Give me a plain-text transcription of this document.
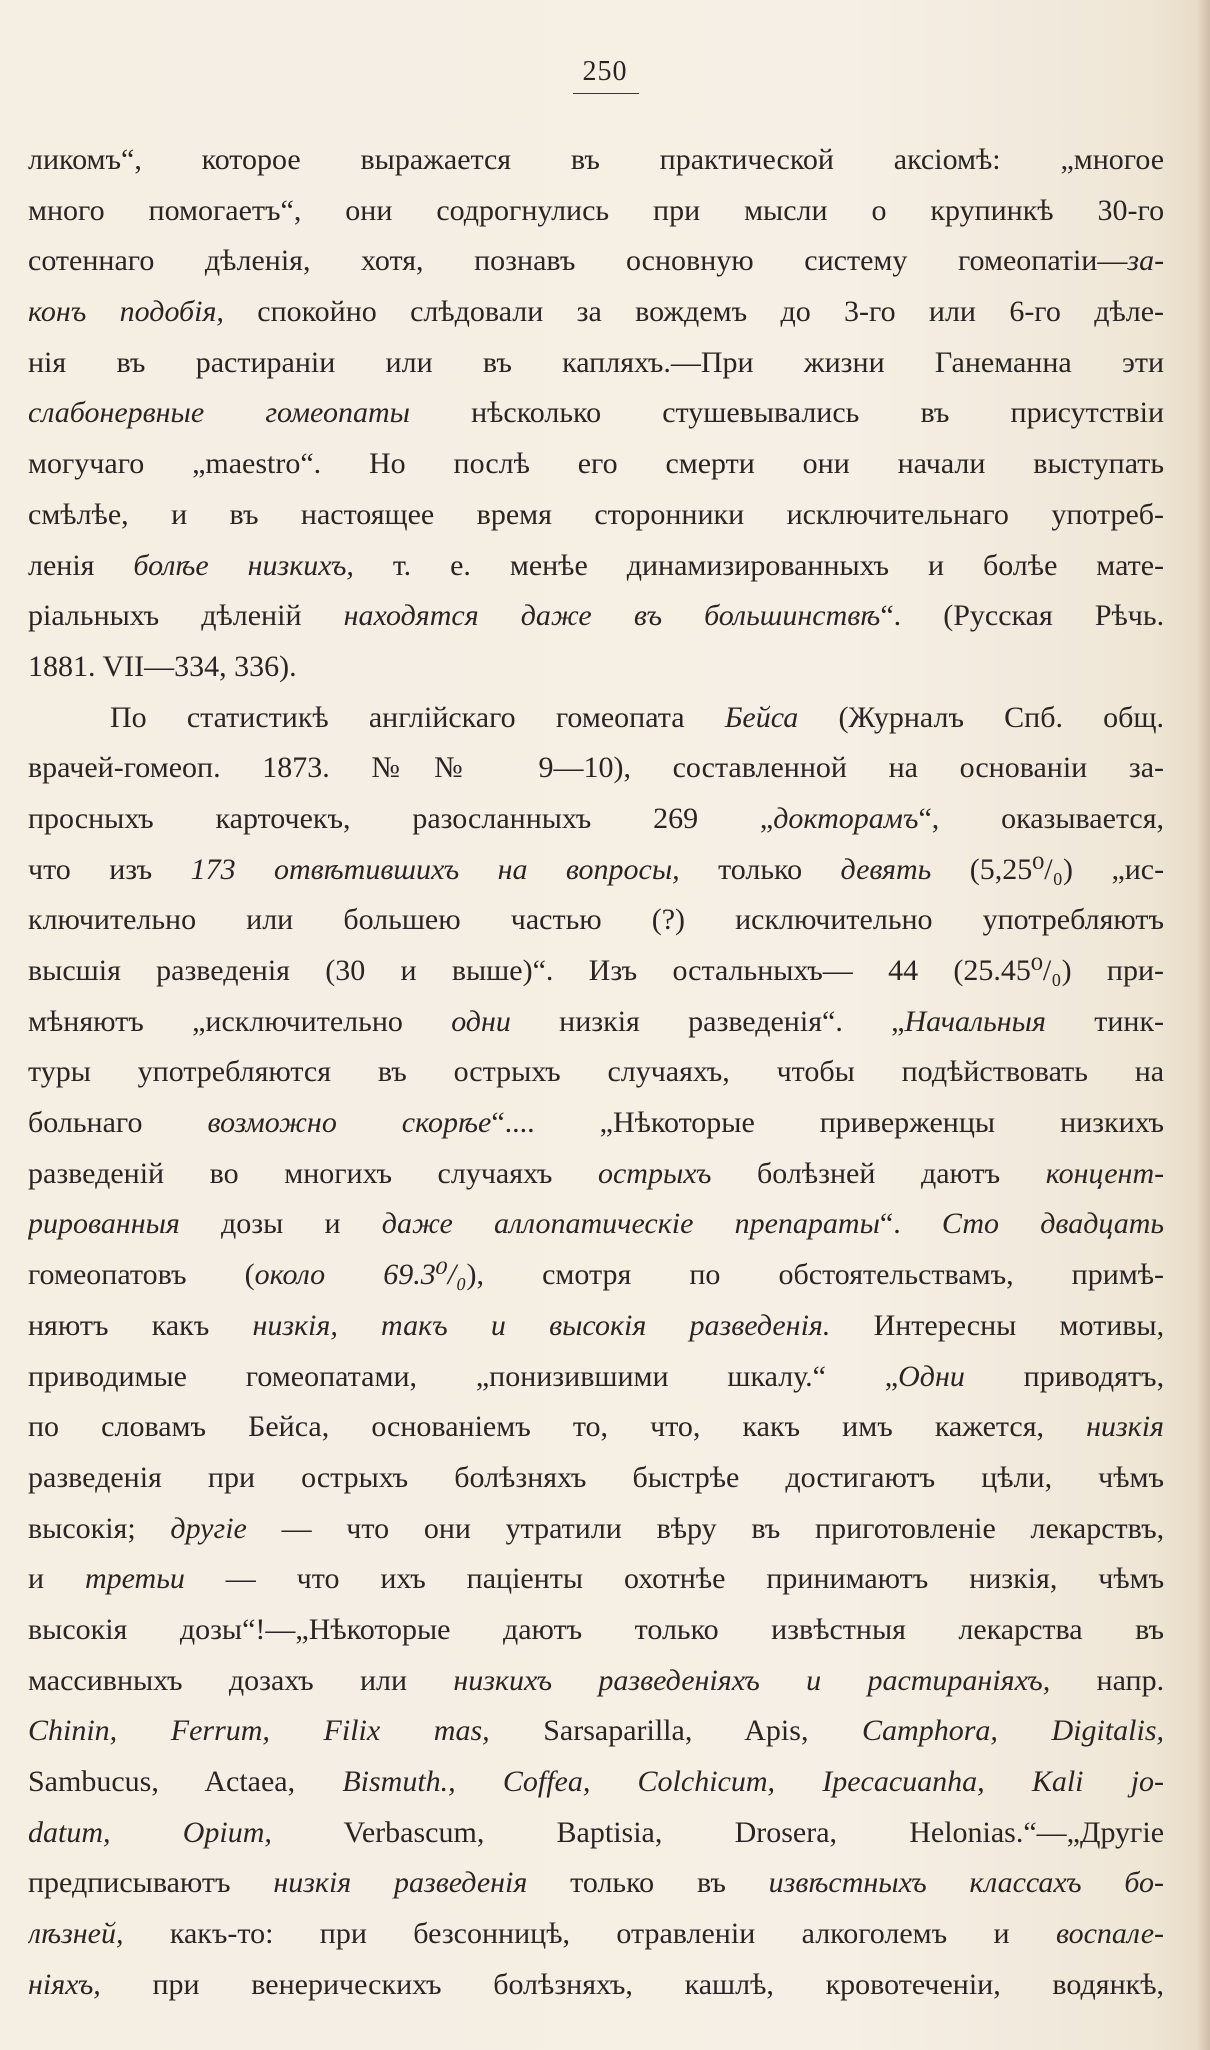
250
ликомъ“, которое выражается въ практической аксіомѣ: „многое
много помогаетъ“, они содрогнулись при мысли о крупинкѣ 30-го
сотеннаго дѣленія, хотя, познавъ основную систему гомеопатіи—за-
конъ подобія, спокойно слѣдовали за вождемъ до 3-го или 6-го дѣле-
нія въ растираніи или въ капляхъ.—При жизни Ганеманна эти
слабонервные гомеопаты нѣсколько стушевывались въ присутствіи
могучаго „maestro“. Но послѣ его смерти они начали выступать
смѣлѣе, и въ настоящее время сторонники исключительнаго употреб-
ленія болѣе низкихъ, т. е. менѣе динамизированныхъ и болѣе мате-
ріальныхъ дѣленій находятся даже въ большинствѣ“. (Русская Рѣчь.
1881. VII—334, 336).
По статистикѣ англійскаго гомеопата Бейса (Журналъ Спб. общ.
врачей-гомеоп. 1873. №№ 9—10), составленной на основаніи за-
просныхъ карточекъ, разосланныхъ 269 „докторамъ“, оказывается,
что изъ 173 отвѣтившихъ на вопросы, только девять (5,25⁰/₀) „ис-
ключительно или большею частью (?) исключительно употребляютъ
высшія разведенія (30 и выше)“. Изъ остальныхъ— 44 (25.45⁰/₀) при-
мѣняютъ „исключительно одни низкія разведенія“. „Начальныя тинк-
туры употребляются въ острыхъ случаяхъ, чтобы подѣйствовать на
больнаго возможно скорѣе“.... „Нѣкоторые приверженцы низкихъ
разведеній во многихъ случаяхъ острыхъ болѣзней даютъ концент-
рированныя дозы и даже аллопатическіе препараты“. Сто двадцать
гомеопатовъ (около 69.3⁰/₀), смотря по обстоятельствамъ, примѣ-
няютъ какъ низкія, такъ и высокія разведенія. Интересны мотивы,
приводимые гомеопатами, „понизившими шкалу.“ „Одни приводятъ,
по словамъ Бейса, основаніемъ то, что, какъ имъ кажется, низкія
разведенія при острыхъ болѣзняхъ быстрѣе достигаютъ цѣли, чѣмъ
высокія; другіе — что они утратили вѣру въ приготовленіе лекарствъ,
и третьи — что ихъ паціенты охотнѣе принимаютъ низкія, чѣмъ
высокія дозы“!—„Нѣкоторые даютъ только извѣстныя лекарства въ
массивныхъ дозахъ или низкихъ разведеніяхъ и растираніяхъ, напр.
Chinin, Ferrum, Filix mas, Sarsaparilla, Apis, Camphora, Digitalis,
Sambucus, Actaea, Bismuth., Coffea, Colchicum, Ipecacuanha, Kali jo-
datum, Opium, Verbascum, Baptisia, Drosera, Helonias.“—„Другіе
предписываютъ низкія разведенія только въ извѣстныхъ классахъ бо-
лѣзней, какъ-то: при безсонницѣ, отравленіи алкоголемъ и воспале-
ніяхъ, при венерическихъ болѣзняхъ, кашлѣ, кровотеченіи, водянкѣ,
